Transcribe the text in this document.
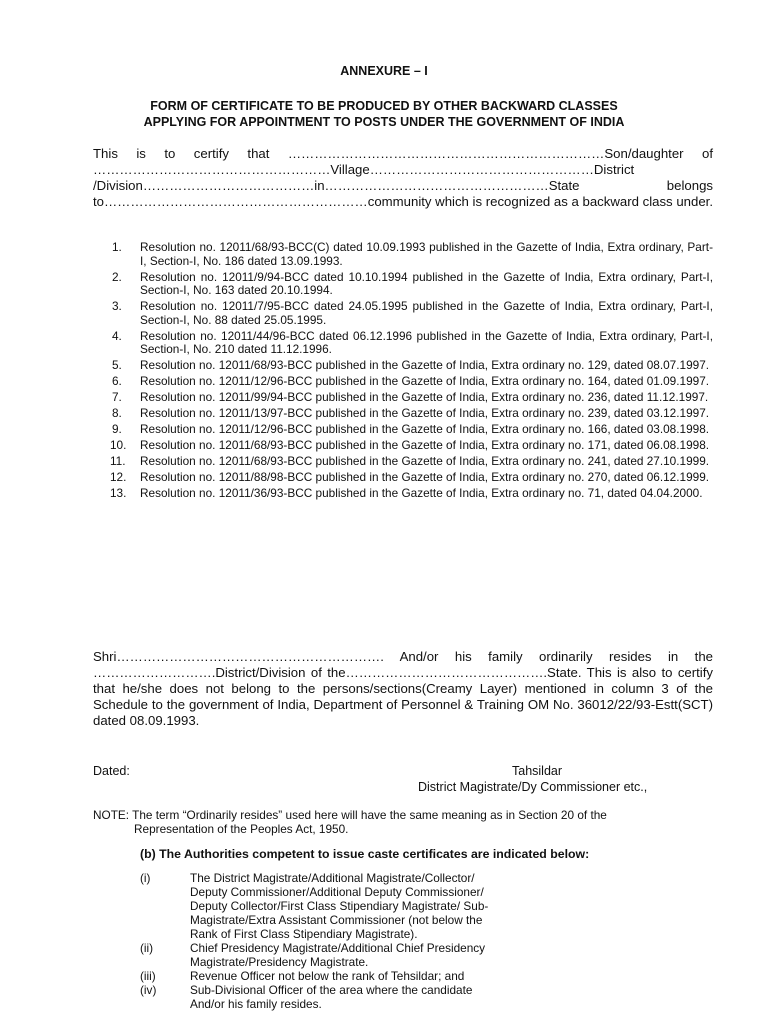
ANNEXURE – I
FORM OF CERTIFICATE TO BE PRODUCED BY OTHER BACKWARD CLASSES
APPLYING FOR APPOINTMENT TO POSTS UNDER THE GOVERNMENT OF INDIA
This is to certify that ………………………………………………………………Son/daughter of ………………………………………………Village……………………………………………District /Division…………………………………in……………………………………………State belongs to……………………………………………………community which is recognized as a backward class under.
1.	Resolution no. 12011/68/93-BCC(C) dated 10.09.1993 published in the Gazette of India, Extra ordinary, Part-I, Section-I, No. 186 dated 13.09.1993.
2.	Resolution no. 12011/9/94-BCC dated 10.10.1994 published in the Gazette of India, Extra ordinary, Part-I, Section-I, No. 163 dated 20.10.1994.
3.	Resolution no. 12011/7/95-BCC dated 24.05.1995 published in the Gazette of India, Extra ordinary, Part-I, Section-I, No. 88 dated 25.05.1995.
4.	Resolution no. 12011/44/96-BCC dated 06.12.1996 published in the Gazette of India, Extra ordinary, Part-I, Section-I, No. 210 dated 11.12.1996.
5.	Resolution no. 12011/68/93-BCC published in the Gazette of India, Extra ordinary no. 129, dated 08.07.1997.
6.	Resolution no. 12011/12/96-BCC published in the Gazette of India, Extra ordinary no. 164, dated 01.09.1997.
7.	Resolution no. 12011/99/94-BCC published in the Gazette of India, Extra ordinary no. 236, dated 11.12.1997.
8.	Resolution no. 12011/13/97-BCC published in the Gazette of India, Extra ordinary no. 239, dated 03.12.1997.
9.	Resolution no. 12011/12/96-BCC published in the Gazette of India, Extra ordinary no. 166, dated 03.08.1998.
10.	Resolution no. 12011/68/93-BCC published in the Gazette of India, Extra ordinary no. 171, dated 06.08.1998.
11.	Resolution no. 12011/68/93-BCC published in the Gazette of India, Extra ordinary no. 241, dated 27.10.1999.
12.	Resolution no. 12011/88/98-BCC published in the Gazette of India, Extra ordinary no. 270, dated 06.12.1999.
13.	Resolution no. 12011/36/93-BCC published in the Gazette of India, Extra ordinary no. 71, dated 04.04.2000.
Shri……………………………………………………. And/or his family ordinarily resides in the ……………………….District/Division of the……………………………………….State. This is also to certify that he/she does not belong to the persons/sections(Creamy Layer) mentioned in column 3 of the Schedule to the government of India, Department of Personnel & Training OM No. 36012/22/93-Estt(SCT) dated 08.09.1993.
Dated:	Tahsildar
District Magistrate/Dy Commissioner etc.,
NOTE: The term “Ordinarily resides” used here will have the same meaning as in Section 20 of the
Representation of the Peoples Act, 1950.
(b) The Authorities competent to issue caste certificates are indicated below:
(i)	The District Magistrate/Additional Magistrate/Collector/
Deputy Commissioner/Additional Deputy Commissioner/
Deputy Collector/First Class Stipendiary Magistrate/ Sub-
Magistrate/Extra Assistant Commissioner (not below the
Rank of First Class Stipendiary Magistrate).
(ii)	Chief Presidency Magistrate/Additional Chief Presidency
Magistrate/Presidency Magistrate.
(iii)	Revenue Officer not below the rank of Tehsildar; and
(iv)	Sub-Divisional Officer of the area where the candidate
And/or his family resides.
